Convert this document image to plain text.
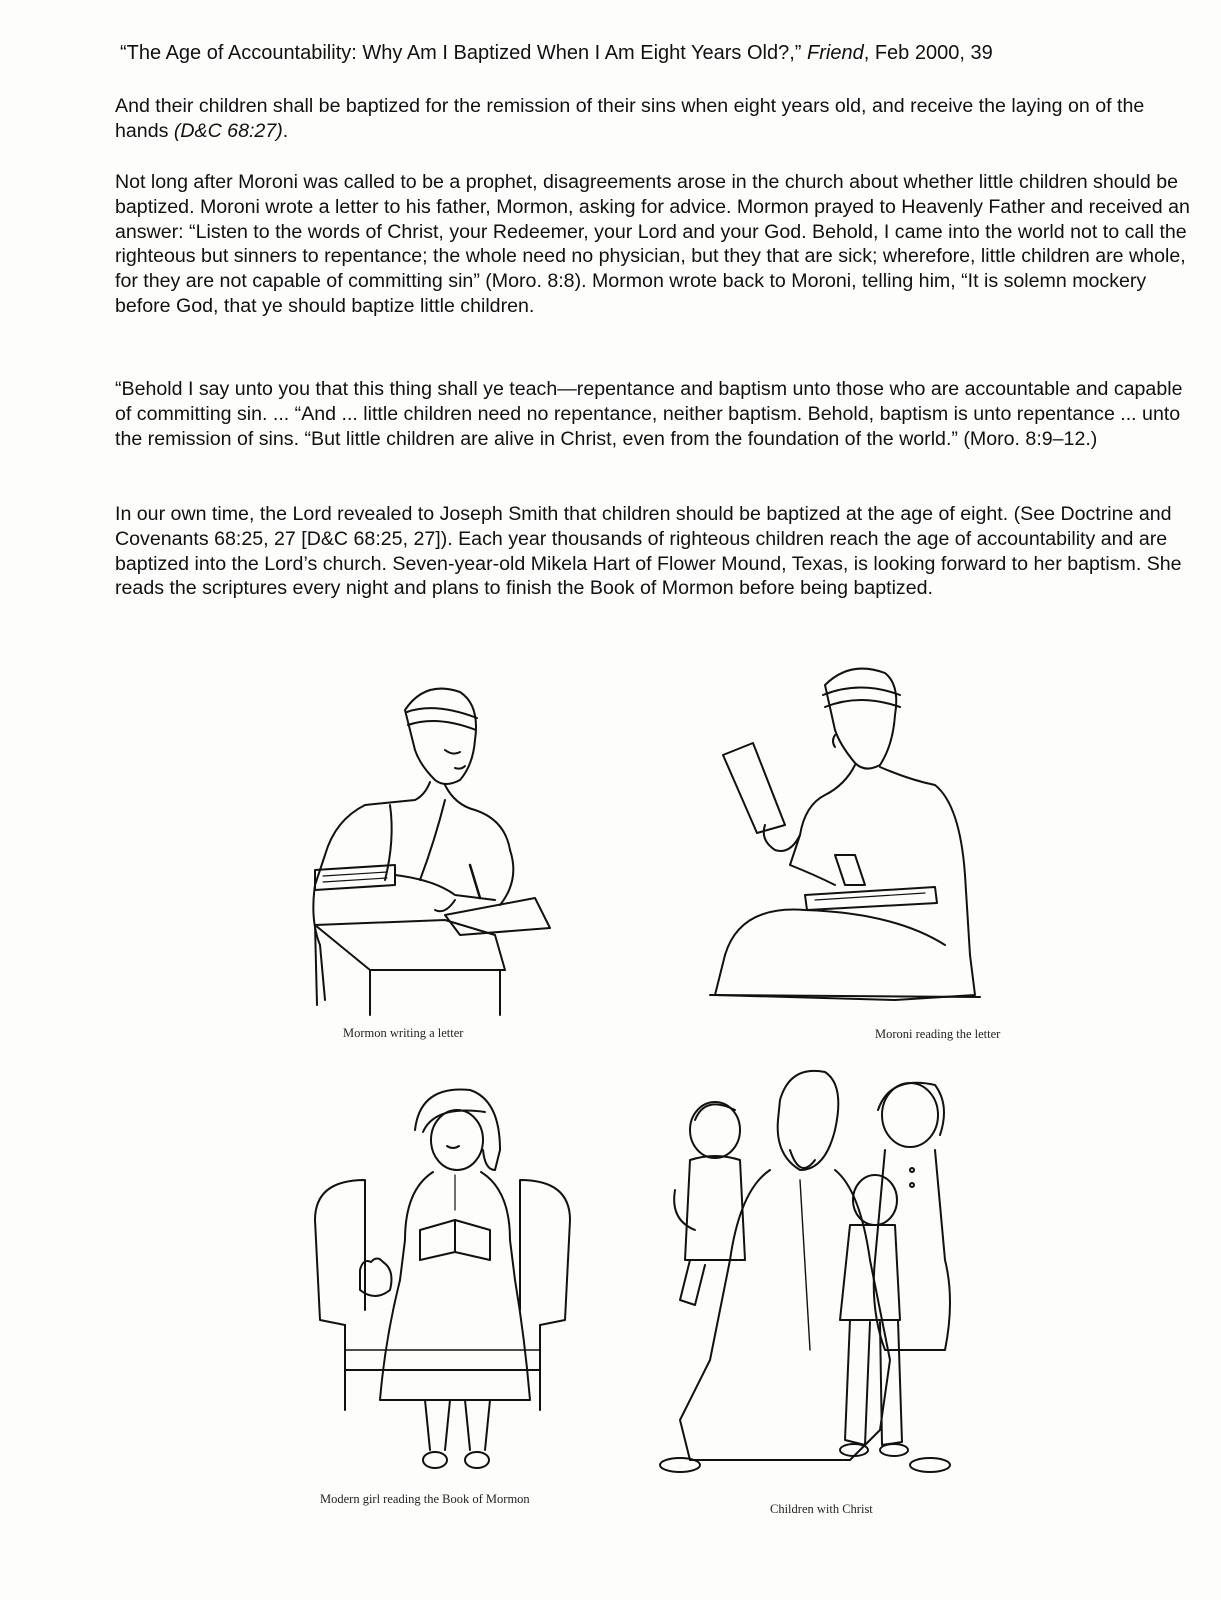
“The Age of Accountability: Why Am I Baptized When I Am Eight Years Old?,” Friend, Feb 2000, 39

And their children shall be baptized for the remission of their sins when eight years old, and receive the laying on of the hands (D&C 68:27).

Not long after Moroni was called to be a prophet, disagreements arose in the church about whether little children should be baptized. Moroni wrote a letter to his father, Mormon, asking for advice. Mormon prayed to Heavenly Father and received an answer: “Listen to the words of Christ, your Redeemer, your Lord and your God. Behold, I came into the world not to call the righteous but sinners to repentance; the whole need no physician, but they that are sick; wherefore, little children are whole, for they are not capable of committing sin” (Moro. 8:8). Mormon wrote back to Moroni, telling him, “It is solemn mockery before God, that ye should baptize little children.

“Behold I say unto you that this thing shall ye teach—repentance and baptism unto those who are accountable and capable of committing sin. ... “And ... little children need no repentance, neither baptism. Behold, baptism is unto repentance ... unto the remission of sins. “But little children are alive in Christ, even from the foundation of the world.” (Moro. 8:9–12.)

In our own time, the Lord revealed to Joseph Smith that children should be baptized at the age of eight. (See Doctrine and Covenants 68:25, 27 [D&C 68:25, 27]). Each year thousands of righteous children reach the age of accountability and are baptized into the Lord’s church. Seven-year-old Mikela Hart of Flower Mound, Texas, is looking forward to her baptism. She reads the scriptures every night and plans to finish the Book of Mormon before being baptized.

Mormon writing a letter	Moroni reading the letter
Modern girl reading the Book of Mormon
Children with Christ
